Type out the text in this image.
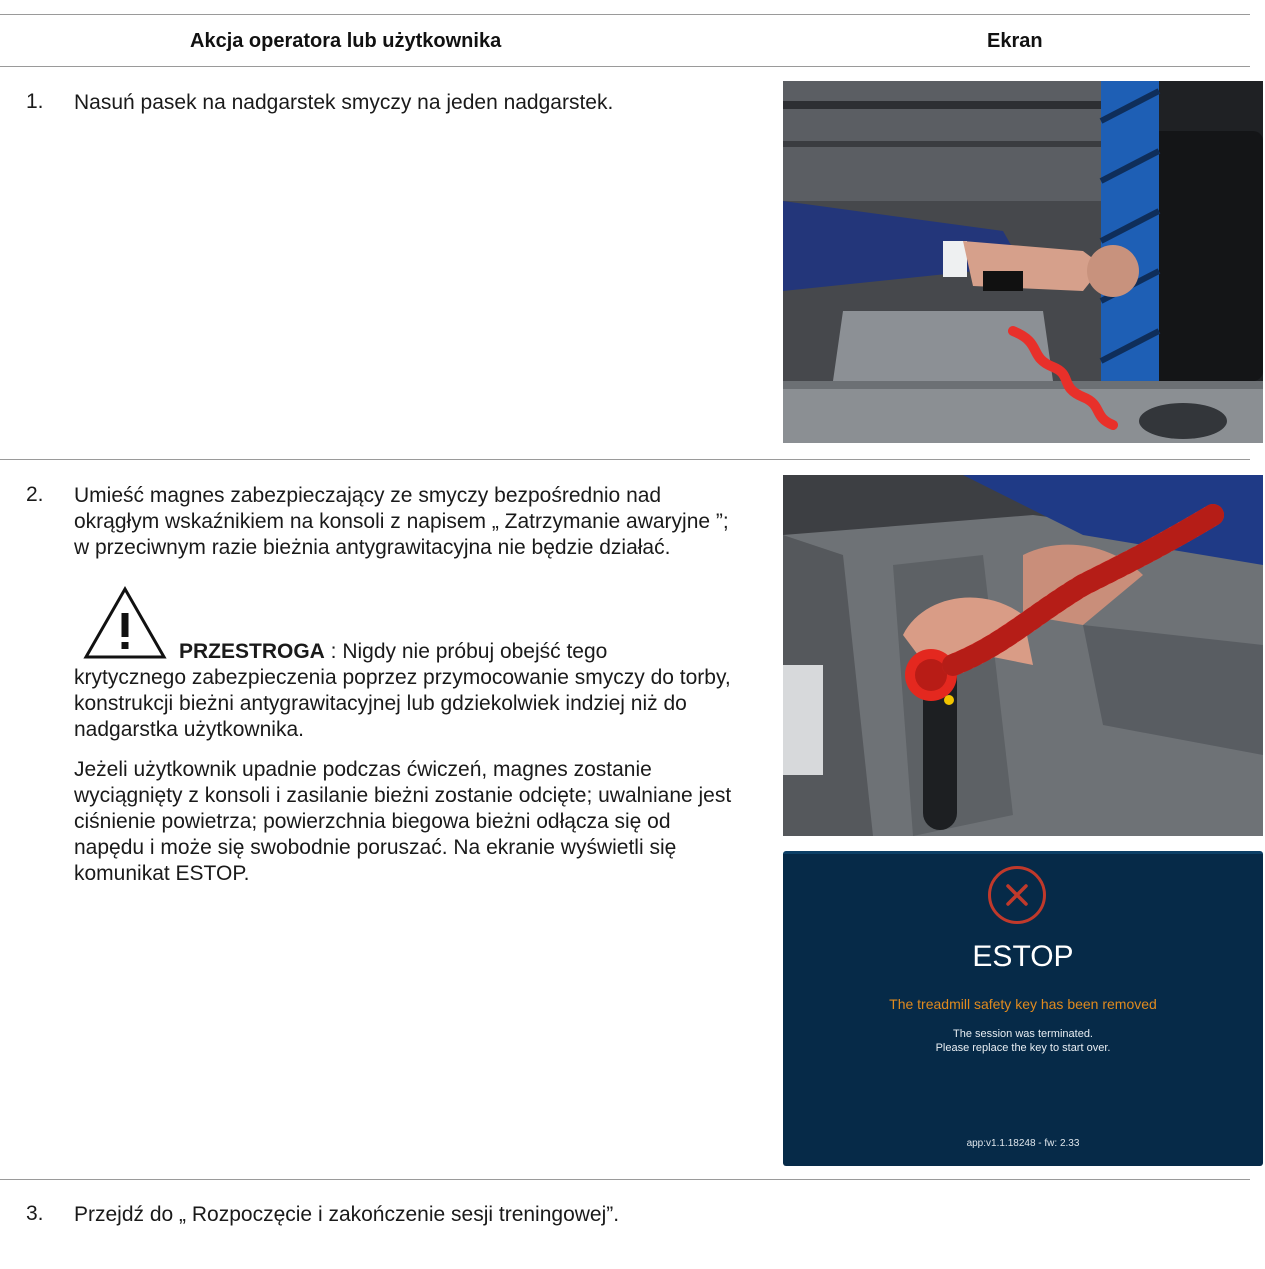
Akcja operatora lub użytkownika	Ekran
1. Nasuń pasek na nadgarstek smyczy na jeden nadgarstek.

2. Umieść magnes zabezpieczający ze smyczy bezpośrednio nad okrągłym wskaźnikiem na konsoli z napisem „ Zatrzymanie awaryjne ”; w przeciwnym razie bieżnia antygrawitacyjna nie będzie działać.

PRZESTROGA : Nigdy nie próbuj obejść tego

krytycznego zabezpieczenia poprzez przymocowanie smyczy do torby, konstrukcji bieżni antygrawitacyjnej lub gdziekolwiek indziej niż do nadgarstka użytkownika.

Jeżeli użytkownik upadnie podczas ćwiczeń, magnes zostanie wyciągnięty z konsoli i zasilanie bieżni zostanie odcięte; uwalniane jest ciśnienie powietrza; powierzchnia biegowa bieżni odłącza się od napędu i może się swobodnie poruszać. Na ekranie wyświetli się komunikat ESTOP.

ESTOP
The treadmill safety key has been removed
The session was terminated.
Please replace the key to start over.
app:v1.1.18248 - fw: 2.33
3. Przejdź do „ Rozpoczęcie i zakończenie sesji treningowej”.
